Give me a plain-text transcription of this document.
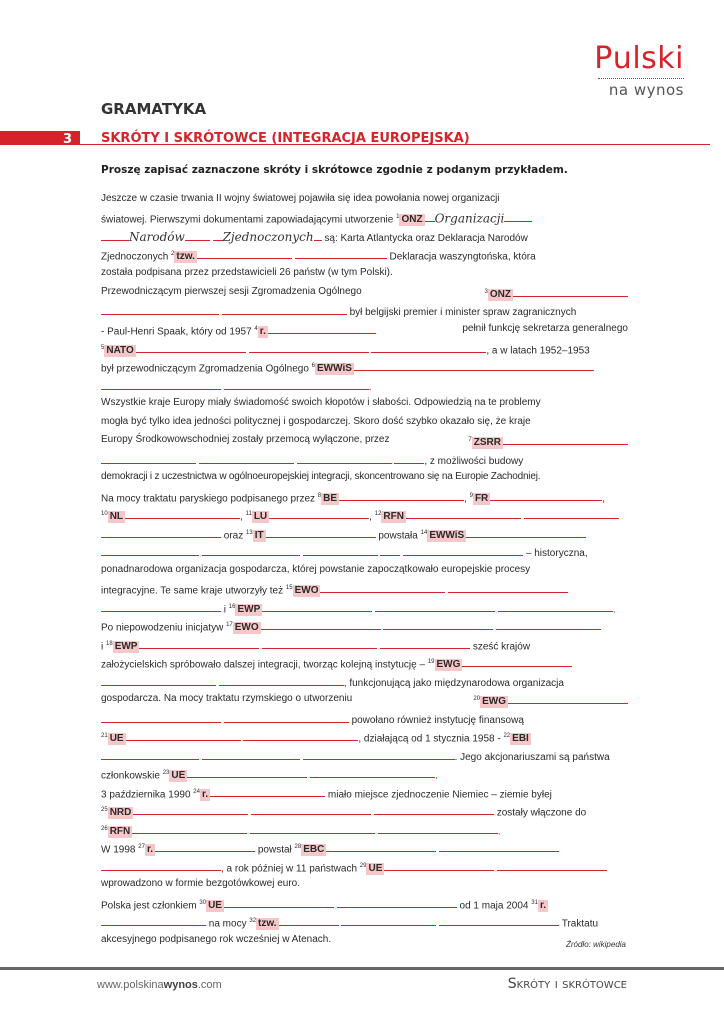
Pulski
na wynos
GRAMATYKA
3 SKRÓTY I SKRÓTOWCE (INTEGRACJA EUROPEJSKA)
Proszę zapisać zaznaczone skróty i skrótowce zgodnie z podanym przykładem.
Jeszcze w czasie trwania II wojny światowej pojawiła się idea powołania nowej organizacji
światowej. Pierwszymi dokumentami zapowiadającymi utworzenie $^1$ ONZ Organizacji
Narodów	Zjednoczonych są: Karta Atlantycka oraz Deklaracja Narodów
Zjednoczonych $^2$ tzw.	Deklaracja waszyngtońska, która
została podpisana przez przedstawicieli 26 państw (w tym Polski).
Przewodniczącym pierwszej sesji Zgromadzenia Ogólnego	$^3$ ONZ
był belgijski premier i minister spraw zagranicznych
- Paul-Henri Spaak, który od 1957 $^4$ r.	pełnił funkcję sekretarza generalnego
$^5$ NATO	, a w latach 1952–1953
był przewodniczącym Zgromadzenia Ogólnego $^6$ EWWiS
.
Wszystkie kraje Europy miały świadomość swoich kłopotów i słabości. Odpowiedzią na te problemy
mogła być tylko idea jedności politycznej i gospodarczej. Skoro dość szybko okazało się, że kraje
Europy Środkowowschodniej zostały przemocą wyłączone, przez	$^7$ ZSRR
, z możliwości budowy
demokracji i z uczestnictwa w ogólnoeuropejskiej integracji, skoncentrowano się na Europie Zachodniej.
Na mocy traktatu paryskiego podpisanego przez $^8$ BE	, $^9$ FR	,
$^{10}$ NL	, $^{11}$ LU	, $^{12}$ RFN
oraz $^{13}$ IT	powstała $^{14}$ EWWiS
– historyczna,
ponadnarodowa organizacja gospodarcza, której powstanie zapoczątkowało europejskie procesy
integracyjne. Te same kraje utworzyły też $^{15}$ EWO
i $^{16}$ EWP	.
Po niepowodzeniu inicjatyw $^{17}$ EWO
i $^{18}$ EWP	sześć krajów
założycielskich spróbowało dalszej integracji, tworząc kolejną instytucję – $^{19}$ EWG
, funkcjonującą jako międzynarodowa organizacja
gospodarcza. Na mocy traktatu rzymskiego o utworzeniu	$^{20}$ EWG
powołano również instytucję finansową
$^{21}$ UE	, działającą od 1 stycznia 1958 - $^{22}$ EBI
. Jego akcjonariuszami są państwa
członkowskie $^{23}$ UE	.
3 października 1990 $^{24}$ r.	miało miejsce zjednoczenie Niemiec – ziemie byłej
$^{25}$ NRD	zostały włączone do
$^{26}$ RFN	.
W 1998 $^{27}$ r.	powstał $^{28}$ EBC
, a rok później w 11 państwach $^{29}$ UE
wprowadzono w formie bezgotówkowej euro.
Polska jest członkiem $^{30}$ UE	od 1 maja 2004 $^{31}$ r.
na mocy $^{32}$ tzw.	Traktatu
akcesyjnego podpisanego rok wcześniej w Atenach.	Źródło: wikipedia
www.polskinawynos.com	Skróty i skrótowce
